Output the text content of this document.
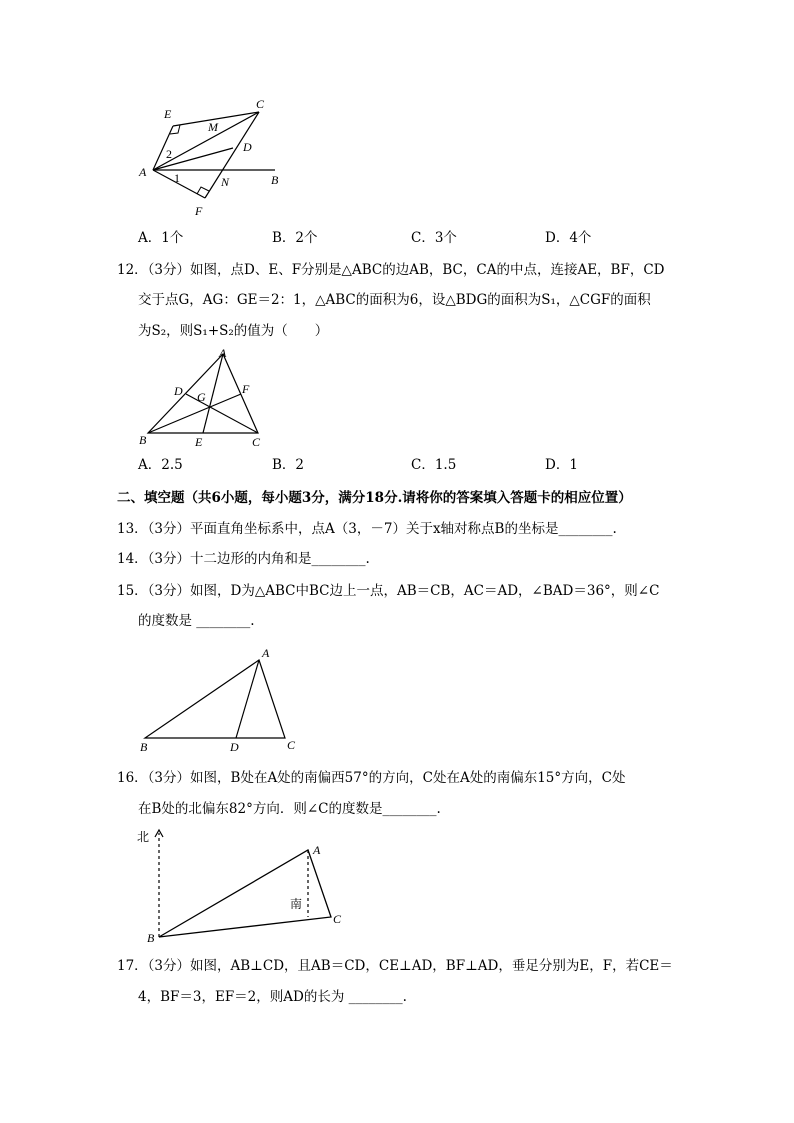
E
C
M
D
A
B
N
F
2
1
A．1个	B．2个	C．3个	D．4个
12．（3分）如图，点D、E、F分别是△ABC的边AB，BC，CA的中点，连接AE，BF，CD
交于点G，AG：GE＝2：1，△ABC的面积为6，设△BDG的面积为S₁，△CGF的面积
为S₂，则S₁+S₂的值为（　　）
A
D G
F
B	E	C
A．2.5	B．2	C．1.5	D．1
二、填空题（共6小题，每小题3分，满分18分.请将你的答案填入答题卡的相应位置）
13．（3分）平面直角坐标系中，点A（3，－7）关于x轴对称点B的坐标是________.
14．（3分）十二边形的内角和是________.
15．（3分）如图，D为△ABC中BC边上一点，AB＝CB，AC＝AD，∠BAD＝36°，则∠C
的度数是 ________.
A
B	D	C
16．（3分）如图，B处在A处的南偏西57°的方向，C处在A处的南偏东15°方向，C处
在B处的北偏东82°方向．则∠C的度数是________.
北
南
A
B
C
17．（3分）如图，AB⊥CD，且AB＝CD，CE⊥AD，BF⊥AD，垂足分别为E，F，若CE＝
4，BF＝3，EF＝2，则AD的长为 ________.
